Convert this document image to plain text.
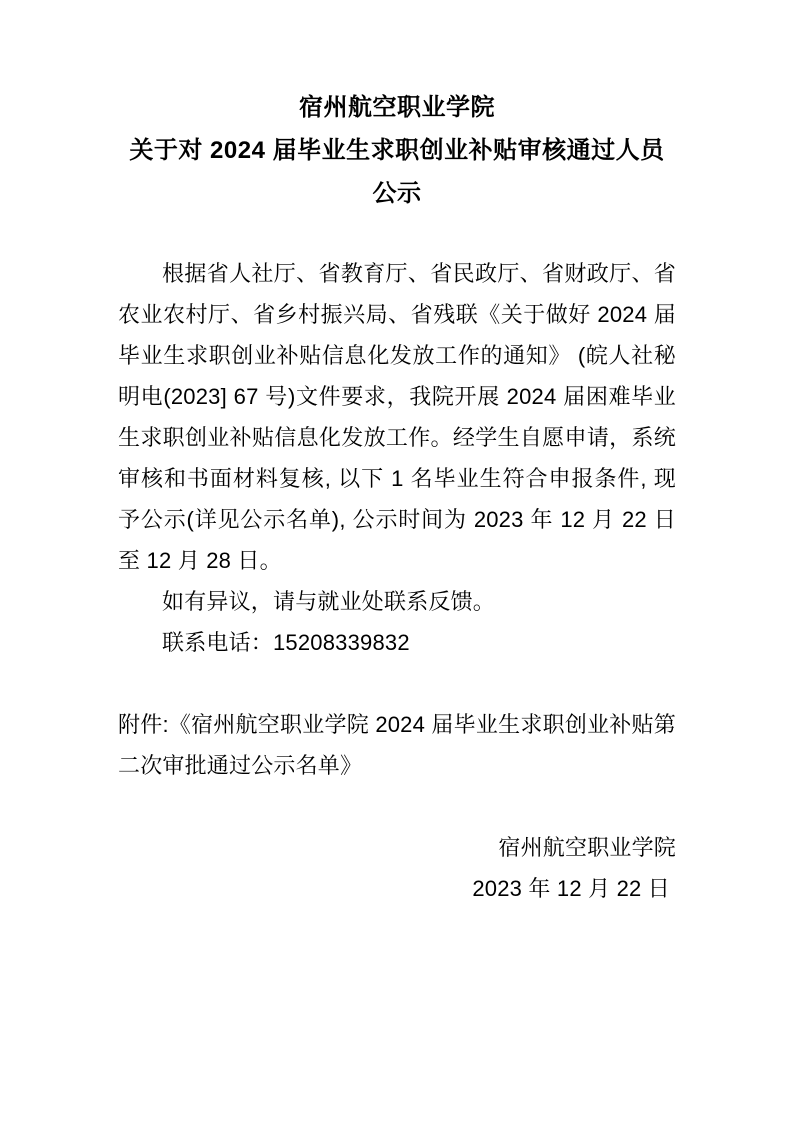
宿州航空职业学院
关于对 2024 届毕业生求职创业补贴审核通过人员公示

根据省人社厅、省教育厅、省民政厅、省财政厅、省农业农村厅、省乡村振兴局、省残联《关于做好 2024 届毕业生求职创业补贴信息化发放工作的通知》 (皖人社秘明电(2023] 67 号)文件要求，我院开展 2024 届困难毕业生求职创业补贴信息化发放工作。经学生自愿申请，系统审核和书面材料复核, 以下 1 名毕业生符合申报条件, 现予公示(详见公示名单), 公示时间为 2023 年 12 月 22 日至 12 月 28 日。

如有异议，请与就业处联系反馈。

联系电话：15208339832

附件:《宿州航空职业学院 2024 届毕业生求职创业补贴第二次审批通过公示名单》

宿州航空职业学院
2023 年 12 月 22 日
